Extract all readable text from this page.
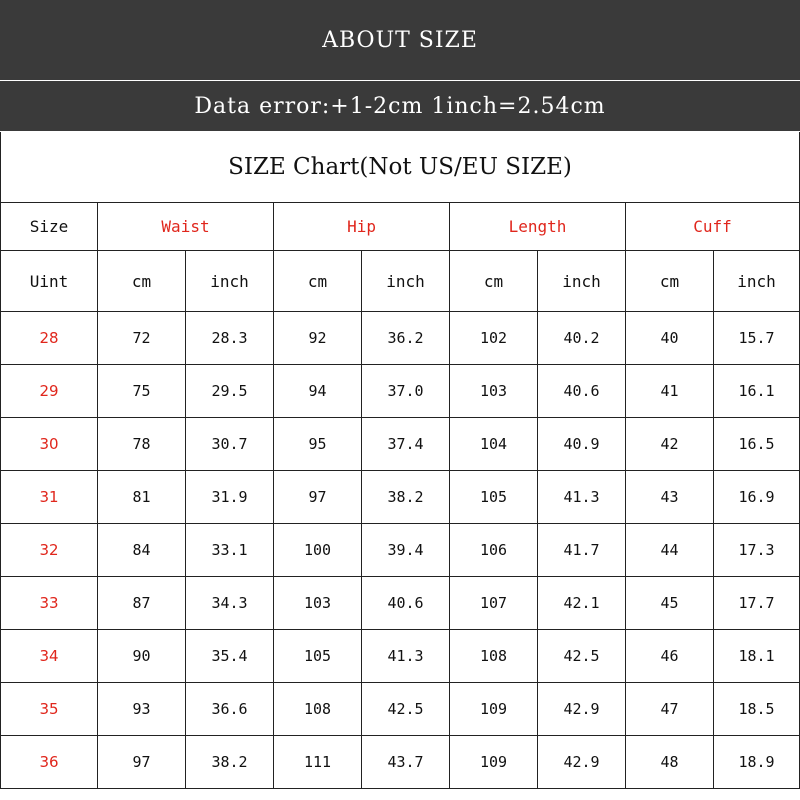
ABOUT SIZE
Data error:+1-2cm 1inch=2.54cm
SIZE Chart(Not US/EU SIZE)
Size	Waist		Hip		Length		Cuff	
Uint	cm	inch	cm	inch	cm	inch	cm	inch
28	72	28.3	92	36.2	102	40.2	40	15.7
29	75	29.5	94	37.0	103	40.6	41	16.1
30	78	30.7	95	37.4	104	40.9	42	16.5
31	81	31.9	97	38.2	105	41.3	43	16.9
32	84	33.1	100	39.4	106	41.7	44	17.3
33	87	34.3	103	40.6	107	42.1	45	17.7
34	90	35.4	105	41.3	108	42.5	46	18.1
35	93	36.6	108	42.5	109	42.9	47	18.5
36	97	38.2	111	43.7	109	42.9	48	18.9
